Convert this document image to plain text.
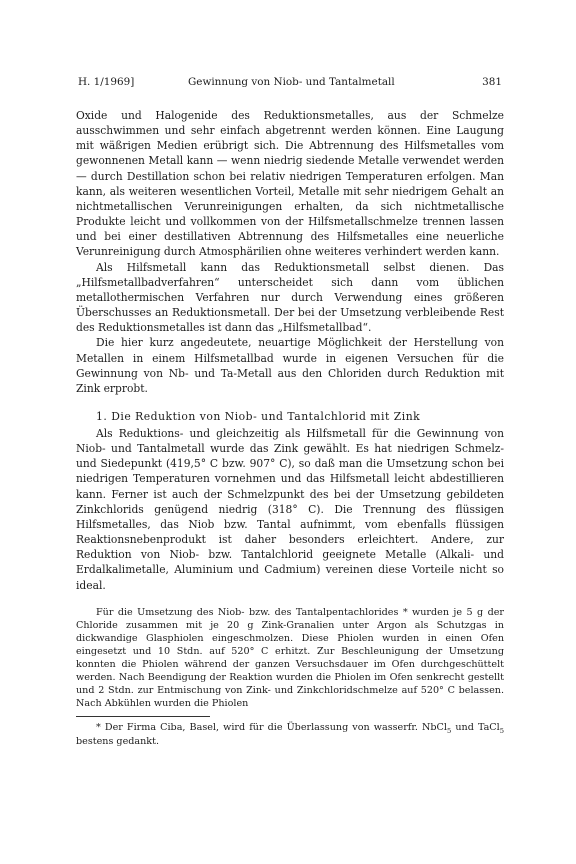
H. 1/1969]	Gewinnung von Niob- und Tantalmetall	381

Oxide und Halogenide des Reduktionsmetalles, aus der Schmelze ausschwimmen und sehr einfach abgetrennt werden können. Eine Laugung mit wäßrigen Medien erübrigt sich. Die Abtrennung des Hilfsmetalles vom gewonnenen Metall kann — wenn niedrig siedende Metalle verwendet werden — durch Destillation schon bei relativ niedrigen Temperaturen erfolgen. Man kann, als weiteren wesentlichen Vorteil, Metalle mit sehr niedrigem Gehalt an nichtmetallischen Verunreinigungen erhalten, da sich nichtmetallische Produkte leicht und vollkommen von der Hilfsmetallschmelze trennen lassen und bei einer destillativen Abtrennung des Hilfsmetalles eine neuerliche Verunreinigung durch Atmosphärilien ohne weiteres verhindert werden kann.

Als Hilfsmetall kann das Reduktionsmetall selbst dienen. Das „Hilfsmetallbadverfahren“ unterscheidet sich dann vom üblichen metallothermischen Verfahren nur durch Verwendung eines größeren Überschusses an Reduktionsmetall. Der bei der Umsetzung verbleibende Rest des Reduktionsmetalles ist dann das „Hilfsmetallbad“.

Die hier kurz angedeutete, neuartige Möglichkeit der Herstellung von Metallen in einem Hilfsmetallbad wurde in eigenen Versuchen für die Gewinnung von Nb- und Ta-Metall aus den Chloriden durch Reduktion mit Zink erprobt.

1. Die Reduktion von Niob- und Tantalchlorid mit Zink

Als Reduktions- und gleichzeitig als Hilfsmetall für die Gewinnung von Niob- und Tantalmetall wurde das Zink gewählt. Es hat niedrigen Schmelz- und Siedepunkt (419,5° C bzw. 907° C), so daß man die Umsetzung schon bei niedrigen Temperaturen vornehmen und das Hilfsmetall leicht abdestillieren kann. Ferner ist auch der Schmelzpunkt des bei der Umsetzung gebildeten Zinkchlorids genügend niedrig (318° C). Die Trennung des flüssigen Hilfsmetalles, das Niob bzw. Tantal aufnimmt, vom ebenfalls flüssigen Reaktionsnebenprodukt ist daher besonders erleichtert. Andere, zur Reduktion von Niob- bzw. Tantalchlorid geeignete Metalle (Alkali- und Erdalkalimetalle, Aluminium und Cadmium) vereinen diese Vorteile nicht so ideal.

Für die Umsetzung des Niob- bzw. des Tantalpentachlorides * wurden je 5 g der Chloride zusammen mit je 20 g Zink-Granalien unter Argon als Schutzgas in dickwandige Glasphiolen eingeschmolzen. Diese Phiolen wurden in einen Ofen eingesetzt und 10 Stdn. auf 520° C erhitzt. Zur Beschleunigung der Umsetzung konnten die Phiolen während der ganzen Versuchsdauer im Ofen durchgeschüttelt werden. Nach Beendigung der Reaktion wurden die Phiolen im Ofen senkrecht gestellt und 2 Stdn. zur Entmischung von Zink- und Zinkchloridschmelze auf 520° C belassen. Nach Abkühlen wurden die Phiolen

* Der Firma Ciba, Basel, wird für die Überlassung von wasserfr. NbCl$_5$ und TaCl$_5$ bestens gedankt.
